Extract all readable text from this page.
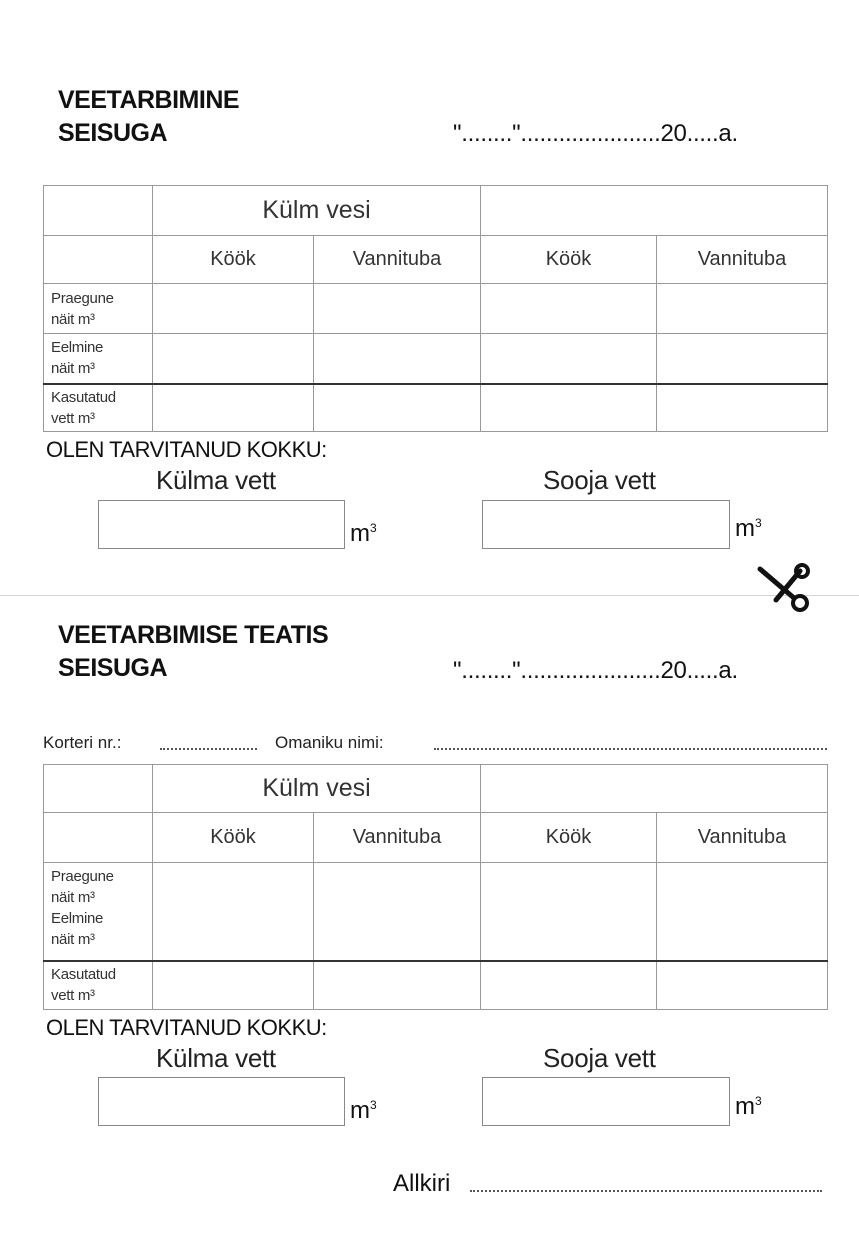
VEETARBIMINE
SEISUGA	"........"......................20.....a.
	Külm vesi			
	Köök	Vannituba	Köök	Vannituba

Praegune
näit m³				

Eelmine
näit m³				

Kasutatud
vett m³				

OLEN TARVITANUD KOKKU:
Külma vett	Sooja vett
$m^3$	$m^3$
VEETARBIMISE TEATIS
SEISUGA	"........"......................20.....a.
Korteri nr.:	Omaniku nimi:
	Külm vesi			
	Köök	Vannituba	Köök	Vannituba

Praegune
näit m³
Eelmine
näit m³				

Kasutatud
vett m³				

OLEN TARVITANUD KOKKU:
Külma vett	Sooja vett
$m^3$	$m^3$
Allkiri
